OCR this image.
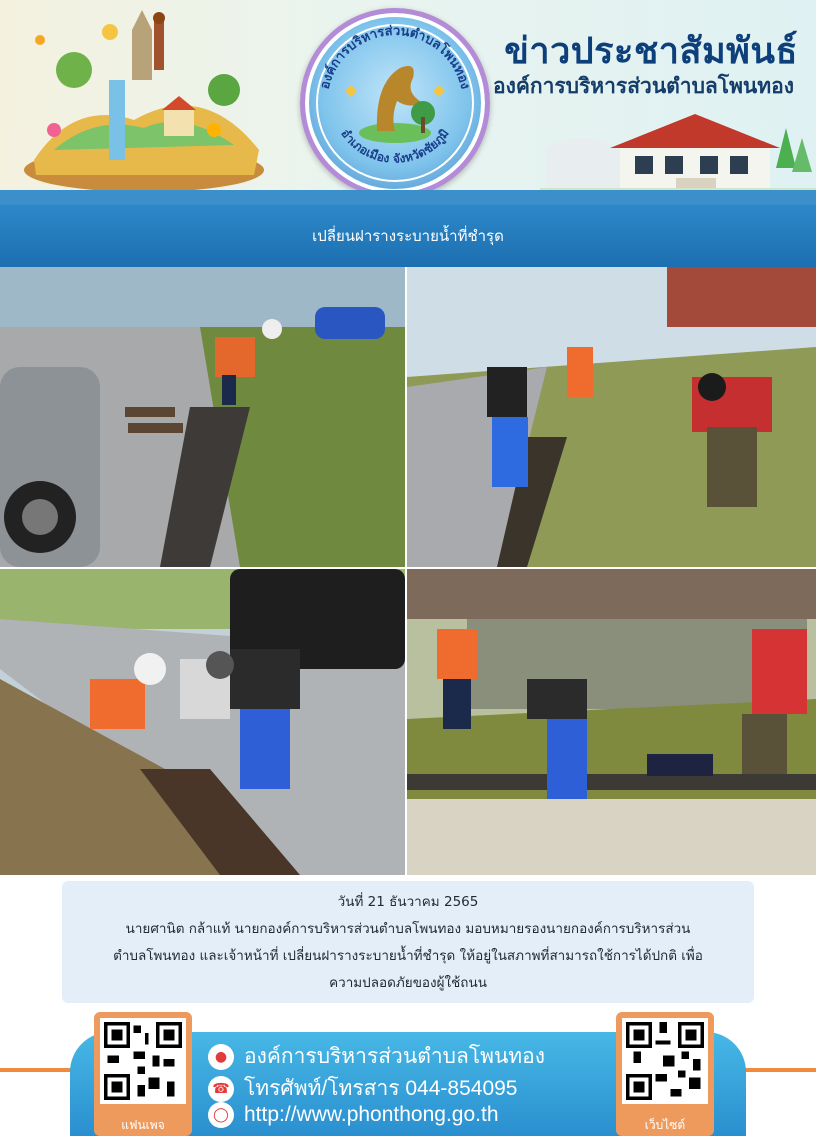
องค์การบริหารส่วนตำบลโพนทอง
อำเภอเมือง จังหวัดชัยภูมิ
ข่าวประชาสัมพันธ์
องค์การบริหารส่วนตำบลโพนทอง
เปลี่ยนฝารางระบายน้ำที่ชำรุด
วันที่ 21 ธันวาคม 2565
นายศานิต กล้าแท้ นายกองค์การบริหารส่วนตำบลโพนทอง มอบหมายรองนายกองค์การบริหารส่วน
ตำบลโพนทอง และเจ้าหน้าที่ เปลี่ยนฝารางระบายน้ำที่ชำรุด ให้อยู่ในสภาพที่สามารถใช้การได้ปกติ เพื่อ
ความปลอดภัยของผู้ใช้ถนน
แฟนเพจ
● องค์การบริหารส่วนตำบลโพนทอง
☎ โทรศัพท์/โทรสาร 044-854095
◯ http://www.phonthong.go.th	เว็บไซต์
